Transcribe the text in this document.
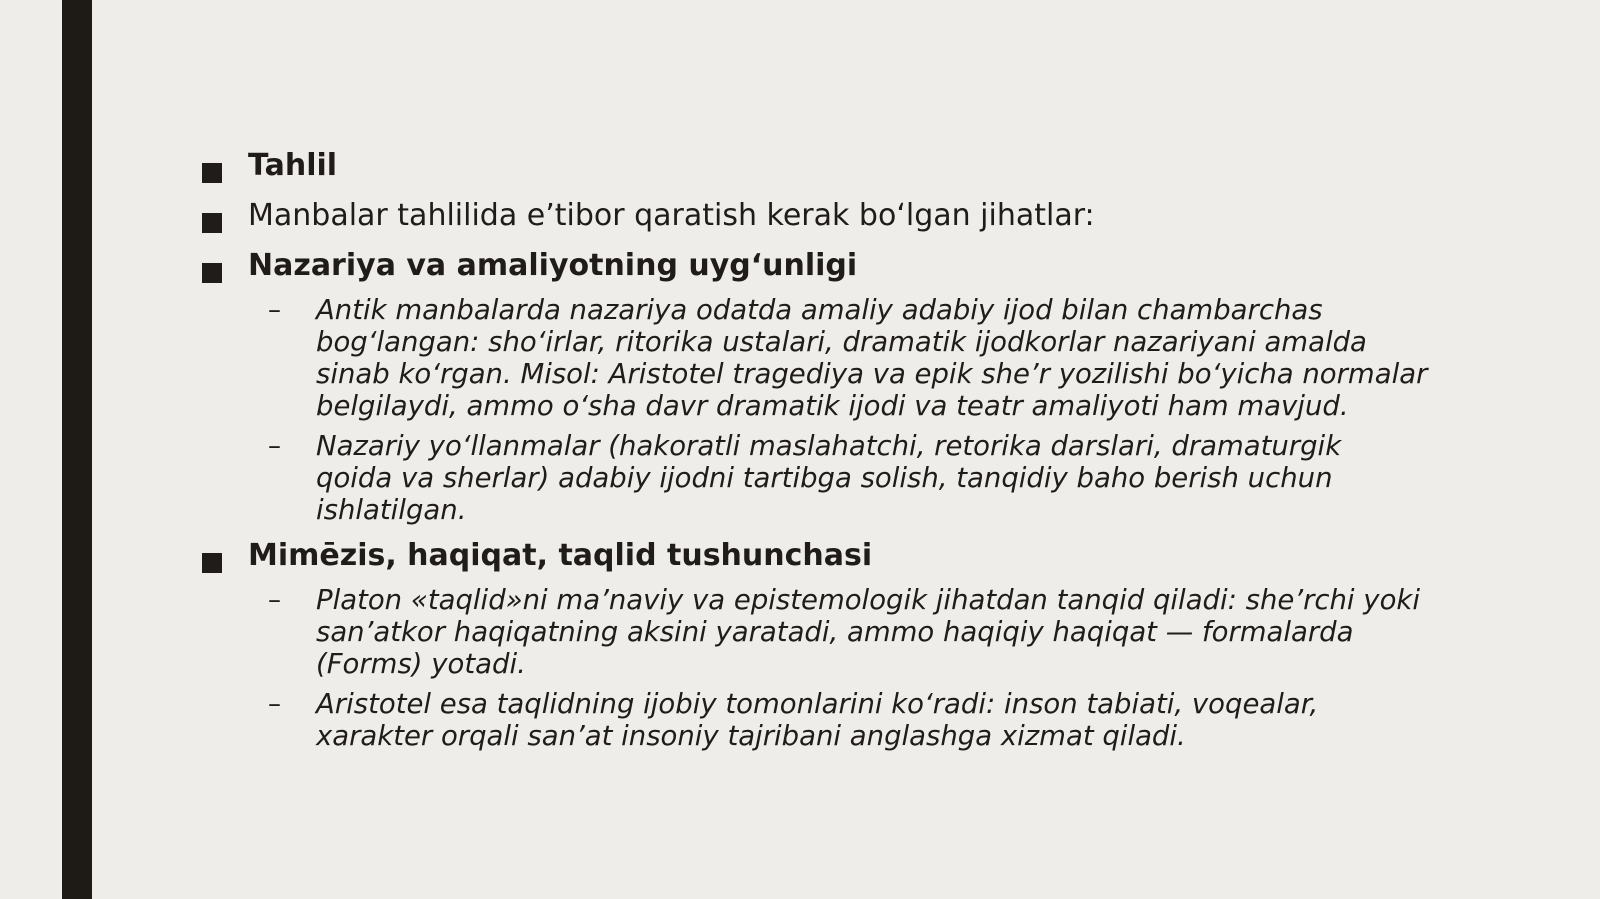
Tahlil
Manbalar tahlilida e’tibor qaratish kerak bo‘lgan jihatlar:
Nazariya va amaliyotning uyg‘unligi
–	Antik manbalarda nazariya odatda amaliy adabiy ijod bilan chambarchas
bog‘langan: sho‘irlar, ritorika ustalari, dramatik ijodkorlar nazariyani amalda
sinab ko‘rgan. Misol: Aristotel tragediya va epik she’r yozilishi bo‘yicha normalar
belgilaydi, ammo o‘sha davr dramatik ijodi va teatr amaliyoti ham mavjud.
–	Nazariy yo‘llanmalar (hakoratli maslahatchi, retorika darslari, dramaturgik
qoida va sherlar) adabiy ijodni tartibga solish, tanqidiy baho berish uchun
ishlatilgan.
Mimēzis, haqiqat, taqlid tushunchasi
–	Platon «taqlid»ni ma’naviy va epistemologik jihatdan tanqid qiladi: she’rchi yoki
san’atkor haqiqatning aksini yaratadi, ammo haqiqiy haqiqat — formalarda
(Forms) yotadi.
–	Aristotel esa taqlidning ijobiy tomonlarini ko‘radi: inson tabiati, voqealar,
xarakter orqali san’at insoniy tajribani anglashga xizmat qiladi.
